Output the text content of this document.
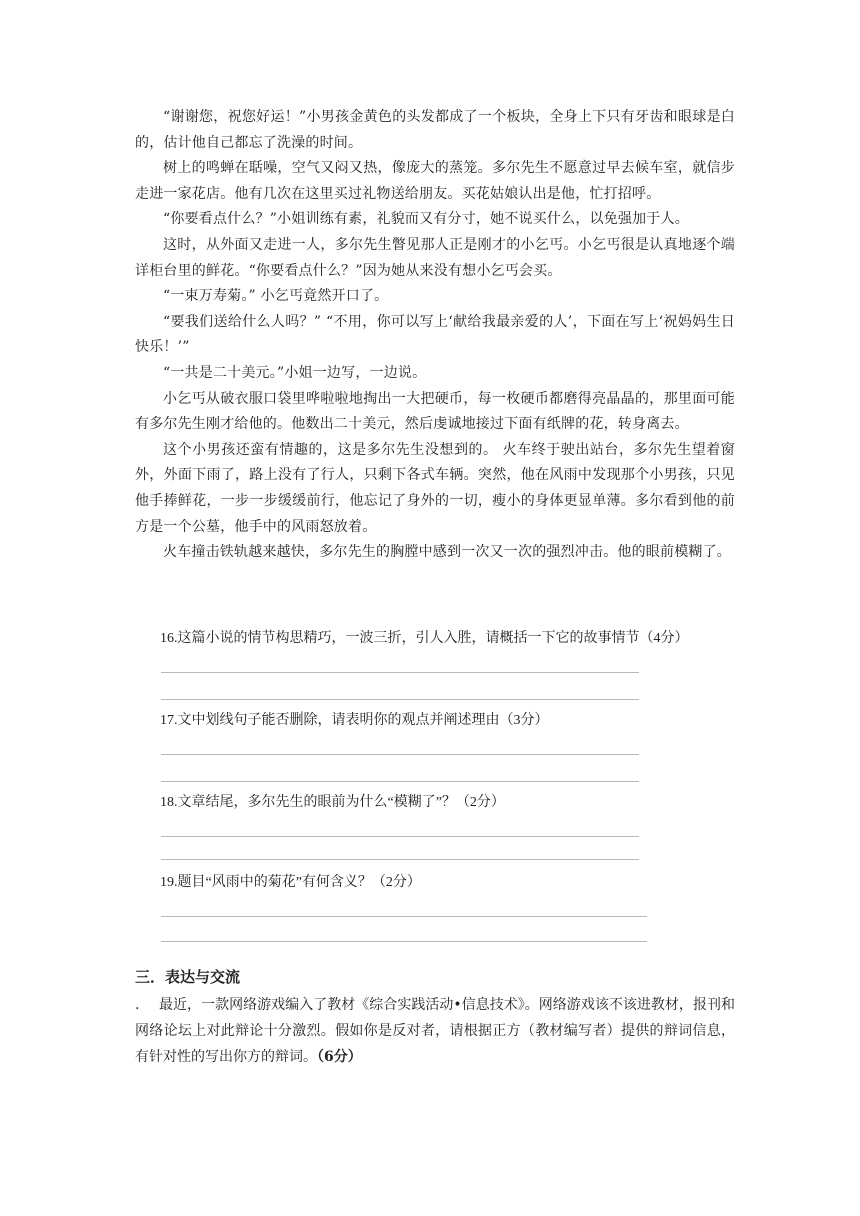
“谢谢您，祝您好运！”小男孩金黄色的头发都成了一个板块，全身上下只有牙齿和眼球是白的，估计他自己都忘了洗澡的时间。

树上的鸣蝉在聒噪，空气又闷又热，像庞大的蒸笼。多尔先生不愿意过早去候车室，就信步走进一家花店。他有几次在这里买过礼物送给朋友。买花姑娘认出是他，忙打招呼。

“你要看点什么？”小姐训练有素，礼貌而又有分寸，她不说买什么，以免强加于人。

这时，从外面又走进一人，多尔先生瞥见那人正是刚才的小乞丐。小乞丐很是认真地逐个端详柜台里的鲜花。“你要看点什么？”因为她从来没有想小乞丐会买。

“一束万寿菊。” 小乞丐竟然开口了。

“要我们送给什么人吗？” “不用，你可以写上‘献给我最亲爱的人’，下面在写上‘祝妈妈生日快乐！’”

“一共是二十美元。”小姐一边写，一边说。

小乞丐从破衣服口袋里哗啦啦地掏出一大把硬币，每一枚硬币都磨得亮晶晶的，那里面可能有多尔先生刚才给他的。他数出二十美元，然后虔诚地接过下面有纸牌的花，转身离去。

这个小男孩还蛮有情趣的，这是多尔先生没想到的。 火车终于驶出站台，多尔先生望着窗外，外面下雨了，路上没有了行人，只剩下各式车辆。突然，他在风雨中发现那个小男孩，只见他手捧鲜花，一步一步缓缓前行，他忘记了身外的一切，瘦小的身体更显单薄。多尔看到他的前方是一个公墓，他手中的风雨怒放着。

火车撞击铁轨越来越快，多尔先生的胸膛中感到一次又一次的强烈冲击。他的眼前模糊了。

16.这篇小说的情节构思精巧，一波三折，引人入胜，请概括一下它的故事情节（4分）

17.文中划线句子能否删除，请表明你的观点并阐述理由（3分）

18.文章结尾，多尔先生的眼前为什么“模糊了”？（2分）

19.题目“风雨中的菊花”有何含义？（2分）

三．表达与交流

. 最近，一款网络游戏编入了教材《综合实践活动•信息技术》。网络游戏该不该进教材，报刊和网络论坛上对此辩论十分激烈。假如你是反对者，请根据正方（教材编写者）提供的辩词信息，有针对性的写出你方的辩词。（6分）
